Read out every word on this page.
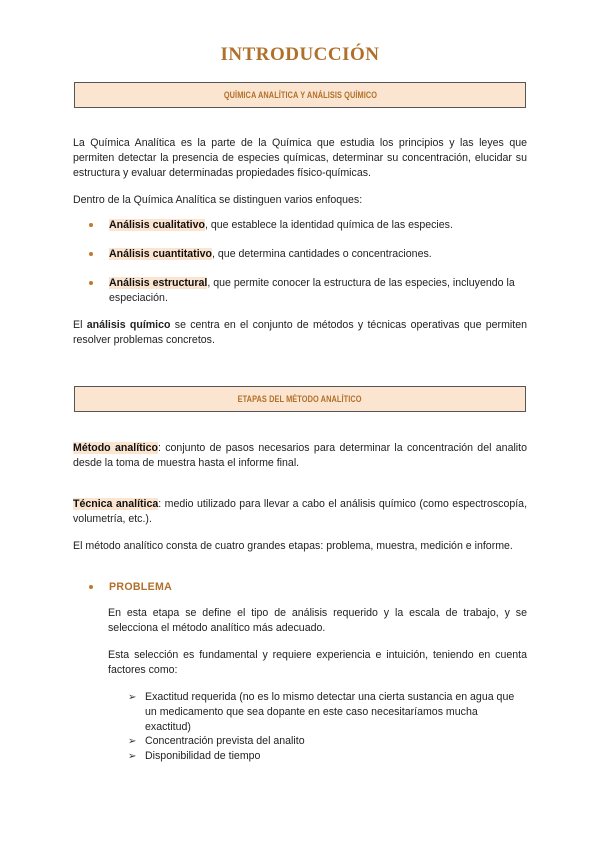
INTRODUCCIÓN
QUÍMICA ANALÍTICA Y ANÁLISIS QUÍMICO
La Química Analítica es la parte de la Química que estudia los principios y las leyes que permiten detectar la presencia de especies químicas, determinar su concentración, elucidar su estructura y evaluar determinadas propiedades físico-químicas.
Dentro de la Química Analítica se distinguen varios enfoques:
Análisis cualitativo, que establece la identidad química de las especies.
Análisis cuantitativo, que determina cantidades o concentraciones.
Análisis estructural, que permite conocer la estructura de las especies, incluyendo la especiación.
El análisis químico se centra en el conjunto de métodos y técnicas operativas que permiten resolver problemas concretos.
ETAPAS DEL MÉTODO ANALÍTICO
Método analítico: conjunto de pasos necesarios para determinar la concentración del analito desde la toma de muestra hasta el informe final.
Técnica analítica: medio utilizado para llevar a cabo el análisis químico (como espectroscopía, volumetría, etc.).
El método analítico consta de cuatro grandes etapas: problema, muestra, medición e informe.
PROBLEMA
En esta etapa se define el tipo de análisis requerido y la escala de trabajo, y se selecciona el método analítico más adecuado.
Esta selección es fundamental y requiere experiencia e intuición, teniendo en cuenta factores como:
➢ Exactitud requerida (no es lo mismo detectar una cierta sustancia en agua que un medicamento que sea dopante en este caso necesitaríamos mucha exactitud)
➢ Concentración prevista del analito
➢ Disponibilidad de tiempo
